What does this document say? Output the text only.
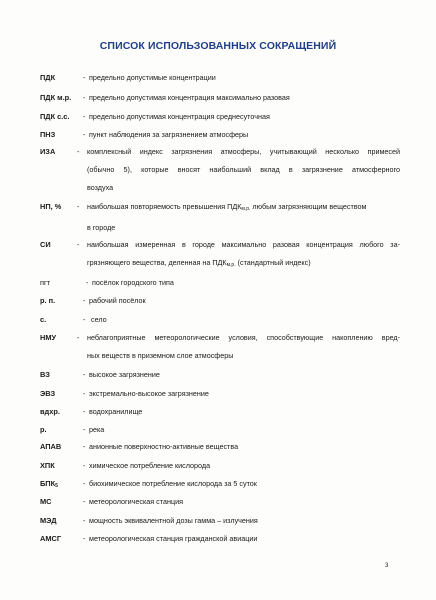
СПИСОК ИСПОЛЬЗОВАННЫХ СОКРАЩЕНИЙ
ПДК	- предельно допустимые концентрации
ПДК м.р. - предельно допустимая концентрация максимально разовая
ПДК с.с. - предельно допустимая концентрация среднесуточная
ПНЗ	- пункт наблюдения за загрязнением атмосферы
ИЗА	- комплексный индекс загрязнения атмосферы, учитывающий несколько примесей
(обычно 5), которые вносят наибольший вклад в загрязнение атмосферного
воздуха
НП, % - наибольшая повторяемость превышения $ПДК_{м.р.}$ любым загрязняющим веществом
в городе
СИ	- наибольшая измеренная в городе максимально разовая концентрация любого за-
грязняющего вещества, деленная на $ПДК_{м.р.}$ (стандартный индекс)
пгт	- посёлок городского типа
р. п.	- рабочий посёлок
с.	- село
НМУ	- неблагоприятные метеорологические условия, способствующие накоплению вред-
ных веществ в приземном слое атмосферы
ВЗ	- высокое загрязнение
ЭВЗ	- экстремально-высокое загрязнение
вдхр.	- водохранилище
р.	- река
АПАВ	- анионные поверхностно-активные вещества
ХПК	- химическое потребление кислорода
$БПК_5$	- биохимическое потребление кислорода за 5 суток
МС	- метеорологическая станция
МЭД	- мощность эквивалентной дозы гамма – излучения
АМСГ	- метеорологическая станция гражданской авиации
3
